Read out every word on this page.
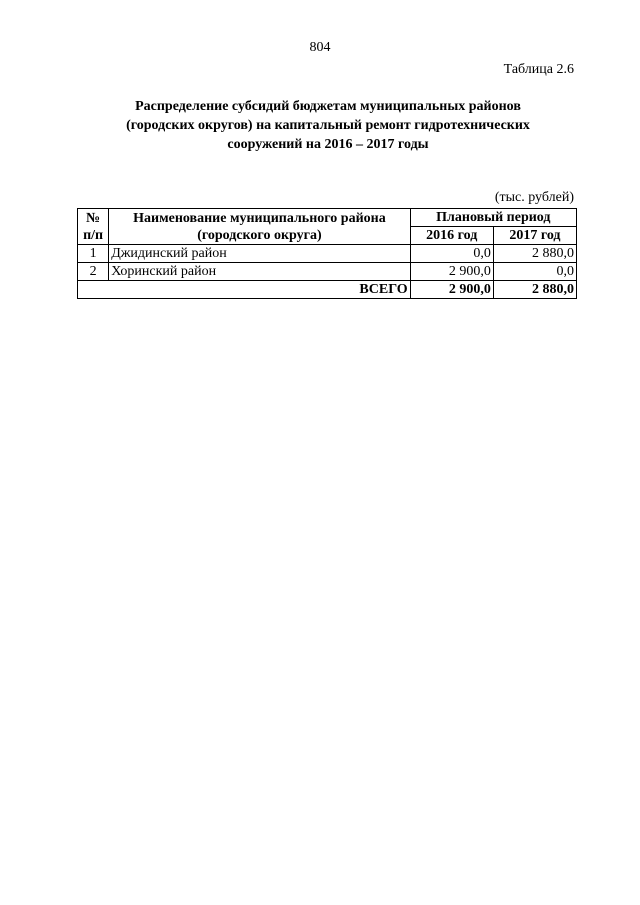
804
Таблица 2.6
Распределение субсидий бюджетам муниципальных районов
(городских округов) на капитальный ремонт гидротехнических
сооружений на 2016 – 2017 годы
(тыс. рублей)
№ п/п	Наименование муниципального района (городского округа)	Плановый период	
		2016 год	2017 год
1	Джидинский район	0,0	2 880,0
2	Хоринский район	2 900,0	0,0
ВСЕГО		2 900,0	2 880,0
